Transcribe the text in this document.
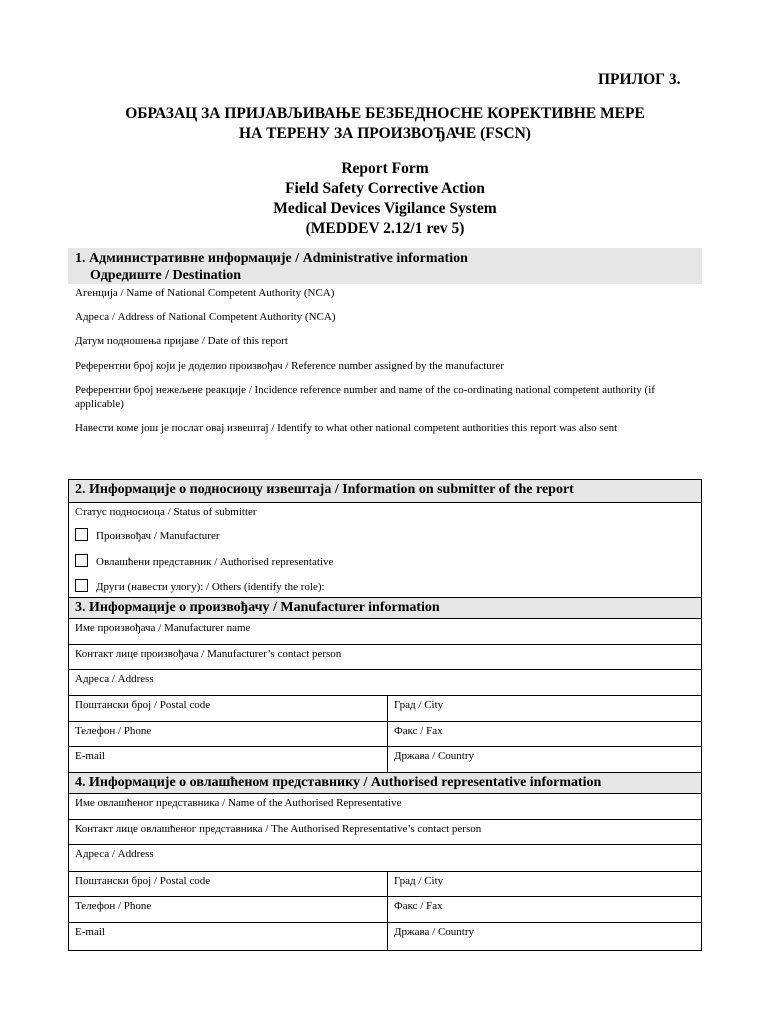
ПРИЛОГ 3.
ОБРАЗАЦ ЗА ПРИЈАВЉИВАЊЕ БЕЗБЕДНОСНЕ КОРЕКТИВНЕ МЕРЕ
НА ТЕРЕНУ ЗА ПРОИЗВОЂАЧЕ (FSCN)
Report Form
Field Safety Corrective Action
Medical Devices Vigilance System
(MEDDEV 2.12/1 rev 5)
1. Административне информације / Administrative information
Одредиште / Destination
Агенција / Name of National Competent Authority (NCA)
Адреса / Address of National Competent Authority (NCA)
Датум подношења пријаве / Date of this report
Референтни број који је доделио произвођач / Reference number assigned by the manufacturer
Референтни број нежељене реакције / Incidence reference number and name of the co-ordinating national competent authority (if applicable)
Навести коме још је послат овај извештај / Identify to what other national competent authorities this report was also sent
2. Информације о подносиоцу извештаја / Information on submitter of the report
Статус подносиоца / Status of submitter
Произвођач / Manufacturer
Овлашћени представник / Authorised representative
Други (навести улогу): / Others (identify the role):
3. Информације о произвођачу / Manufacturer information
Име произвођача / Manufacturer name
Контакт лице произвођача / Manufacturer’s contact person
Адреса / Address
Поштански број / Postal code	Град / City
Телефон / Phone	Факс / Fax
E-mail	Држава / Country
4. Информације о овлашћеном представнику / Authorised representative information
Име овлашћеног представника / Name of the Authorised Representative
Контакт лице овлашћеног представника / The Authorised Representative’s contact person
Адреса / Address
Поштански број / Postal code	Град / City
Телефон / Phone	Факс / Fax
E-mail	Држава / Country
